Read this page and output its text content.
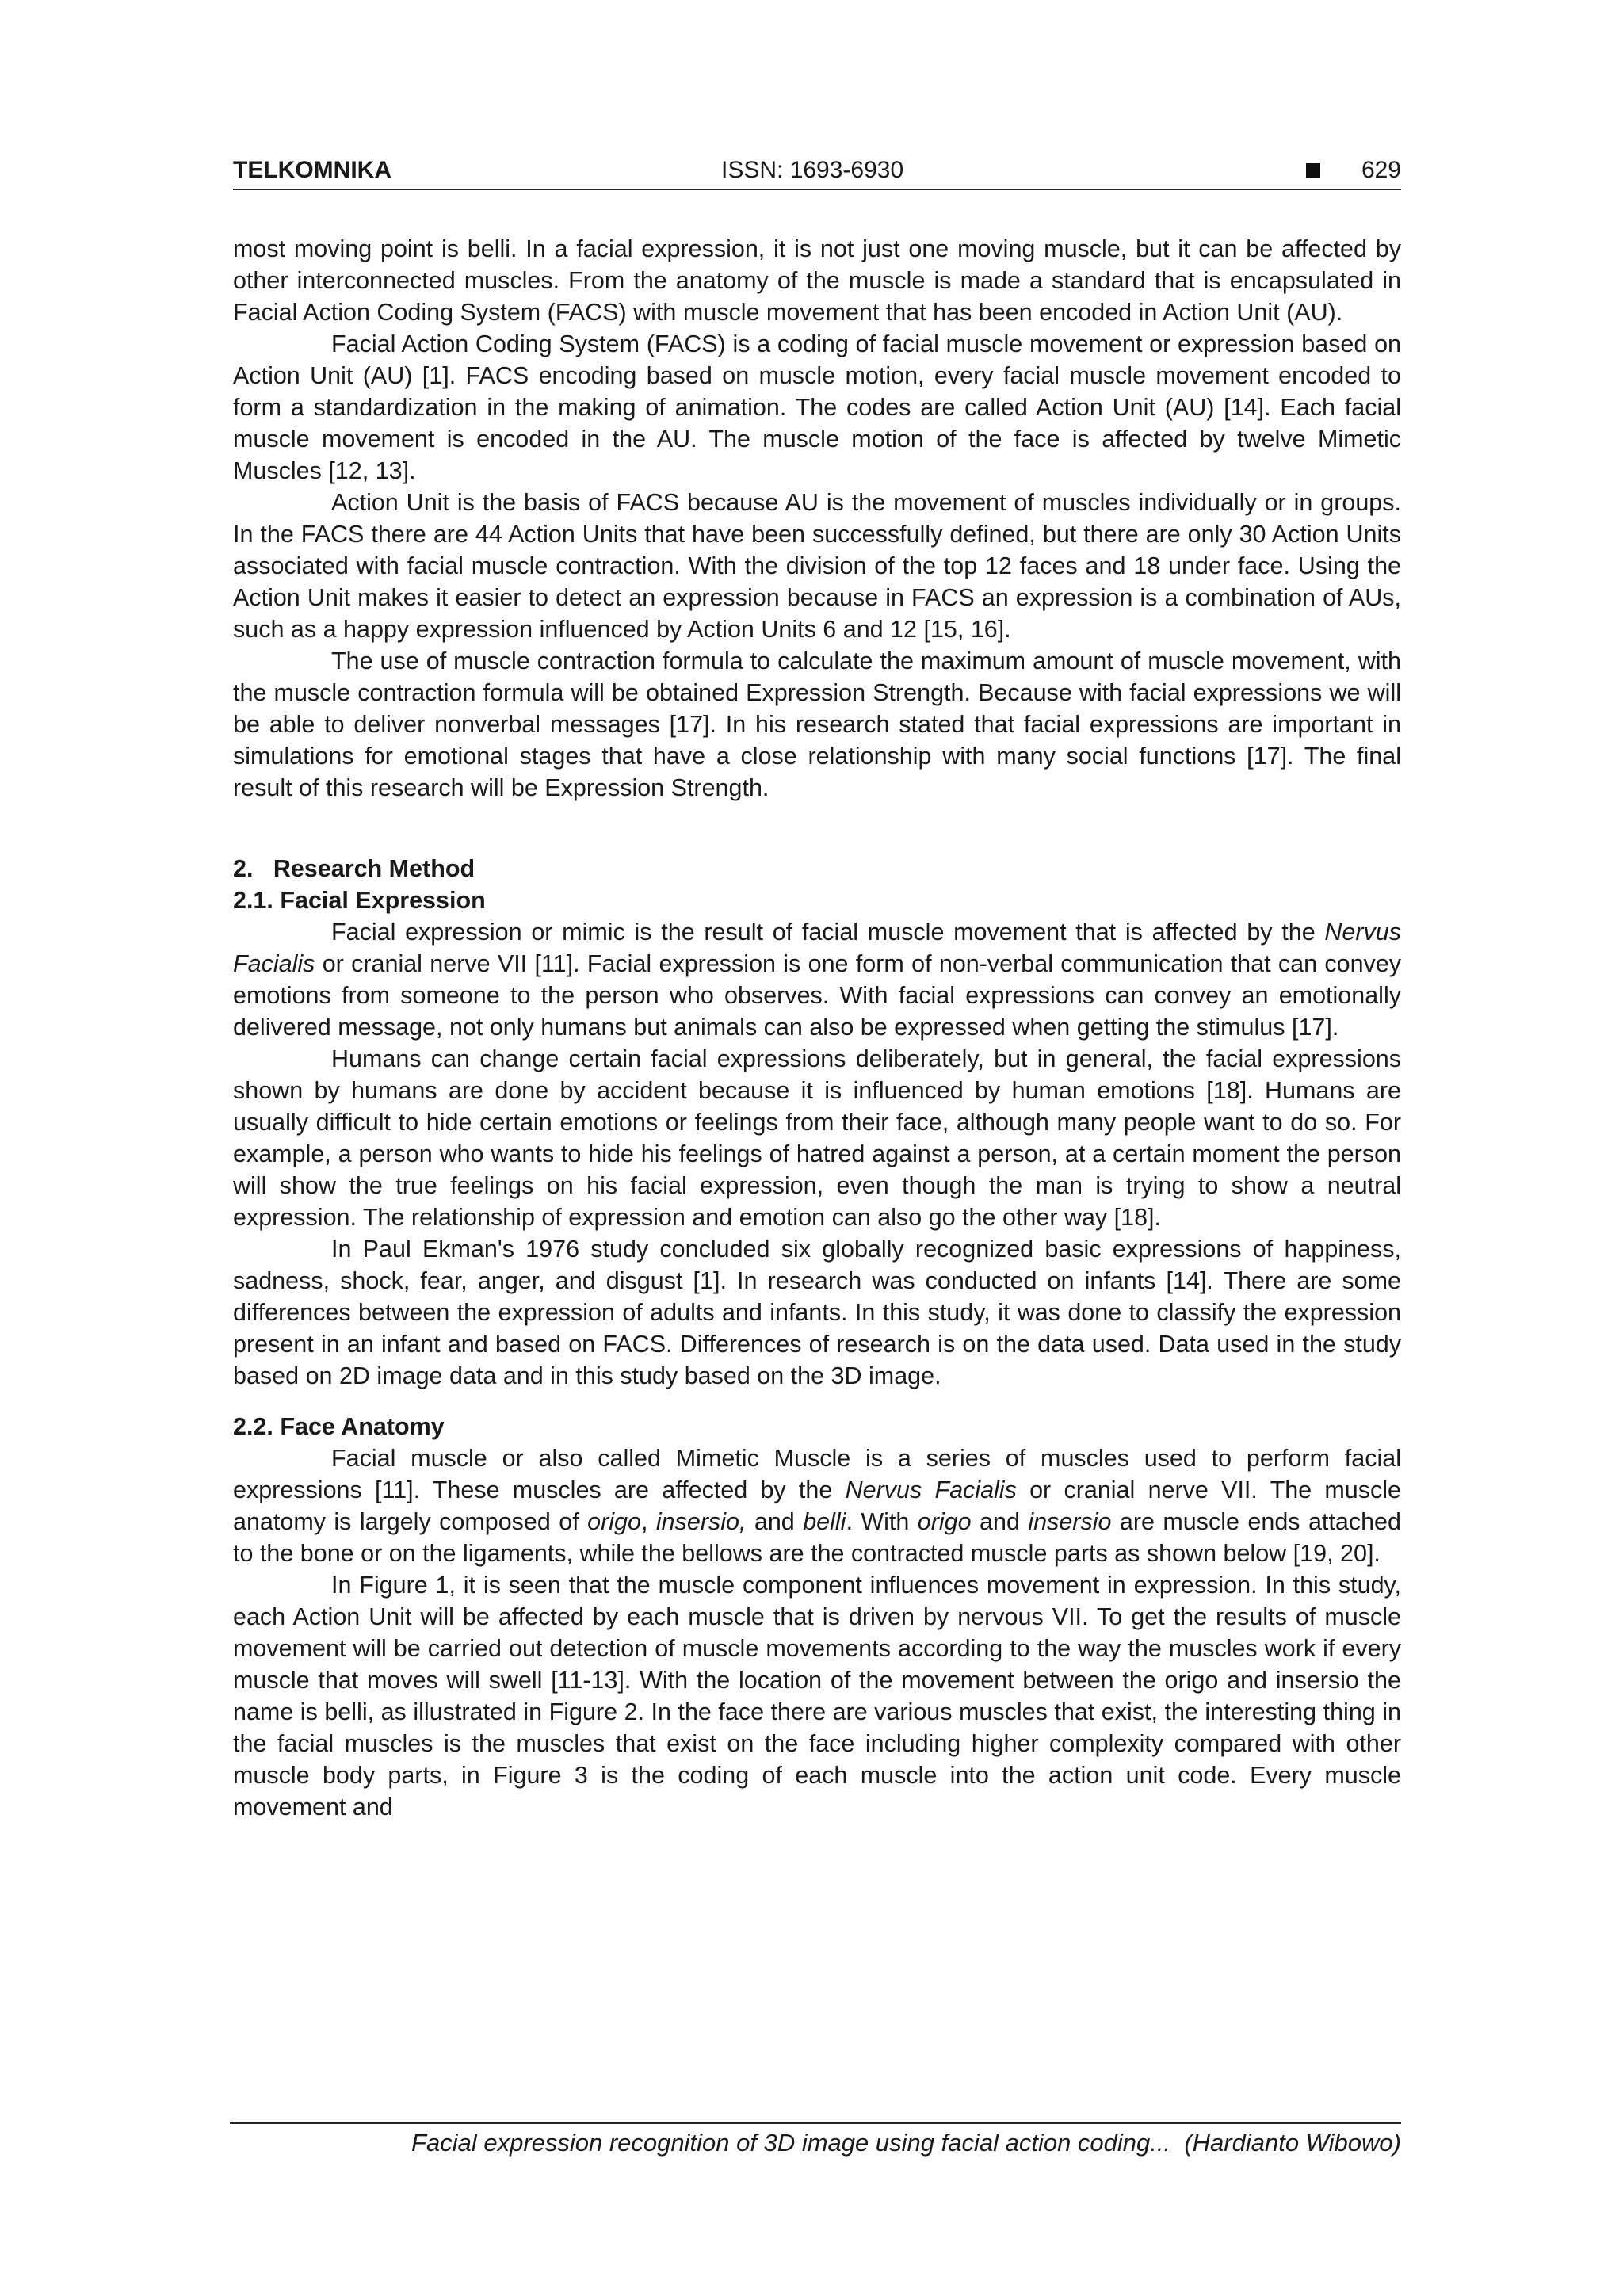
TELKOMNIKA	ISSN: 1693-6930	629

most moving point is belli. In a facial expression, it is not just one moving muscle, but it can be affected by other interconnected muscles. From the anatomy of the muscle is made a standard that is encapsulated in Facial Action Coding System (FACS) with muscle movement that has been encoded in Action Unit (AU).

Facial Action Coding System (FACS) is a coding of facial muscle movement or expression based on Action Unit (AU) [1]. FACS encoding based on muscle motion, every facial muscle movement encoded to form a standardization in the making of animation. The codes are called Action Unit (AU) [14]. Each facial muscle movement is encoded in the AU. The muscle motion of the face is affected by twelve Mimetic Muscles [12, 13].

Action Unit is the basis of FACS because AU is the movement of muscles individually or in groups. In the FACS there are 44 Action Units that have been successfully defined, but there are only 30 Action Units associated with facial muscle contraction. With the division of the top 12 faces and 18 under face. Using the Action Unit makes it easier to detect an expression because in FACS an expression is a combination of AUs, such as a happy expression influenced by Action Units 6 and 12 [15, 16].

The use of muscle contraction formula to calculate the maximum amount of muscle movement, with the muscle contraction formula will be obtained Expression Strength. Because with facial expressions we will be able to deliver nonverbal messages [17]. In his research stated that facial expressions are important in simulations for emotional stages that have a close relationship with many social functions [17]. The final result of this research will be Expression Strength.

2.   Research Method
2.1. Facial Expression

Facial expression or mimic is the result of facial muscle movement that is affected by the Nervus Facialis or cranial nerve VII [11]. Facial expression is one form of non-verbal communication that can convey emotions from someone to the person who observes. With facial expressions can convey an emotionally delivered message, not only humans but animals can also be expressed when getting the stimulus [17].

Humans can change certain facial expressions deliberately, but in general, the facial expressions shown by humans are done by accident because it is influenced by human emotions [18]. Humans are usually difficult to hide certain emotions or feelings from their face, although many people want to do so. For example, a person who wants to hide his feelings of hatred against a person, at a certain moment the person will show the true feelings on his facial expression, even though the man is trying to show a neutral expression. The relationship of expression and emotion can also go the other way [18].

In Paul Ekman's 1976 study concluded six globally recognized basic expressions of happiness, sadness, shock, fear, anger, and disgust [1]. In research was conducted on infants [14]. There are some differences between the expression of adults and infants. In this study, it was done to classify the expression present in an infant and based on FACS. Differences of research is on the data used. Data used in the study based on 2D image data and in this study based on the 3D image.

2.2. Face Anatomy

Facial muscle or also called Mimetic Muscle is a series of muscles used to perform facial expressions [11]. These muscles are affected by the Nervus Facialis or cranial nerve VII. The muscle anatomy is largely composed of origo, insersio, and belli. With origo and insersio are muscle ends attached to the bone or on the ligaments, while the bellows are the contracted muscle parts as shown below [19, 20].

In Figure 1, it is seen that the muscle component influences movement in expression. In this study, each Action Unit will be affected by each muscle that is driven by nervous VII. To get the results of muscle movement will be carried out detection of muscle movements according to the way the muscles work if every muscle that moves will swell [11-13]. With the location of the movement between the origo and insersio the name is belli, as illustrated in Figure 2. In the face there are various muscles that exist, the interesting thing in the facial muscles is the muscles that exist on the face including higher complexity compared with other muscle body parts, in Figure 3 is the coding of each muscle into the action unit code. Every muscle movement and

Facial expression recognition of 3D image using facial action coding...  (Hardianto Wibowo)
